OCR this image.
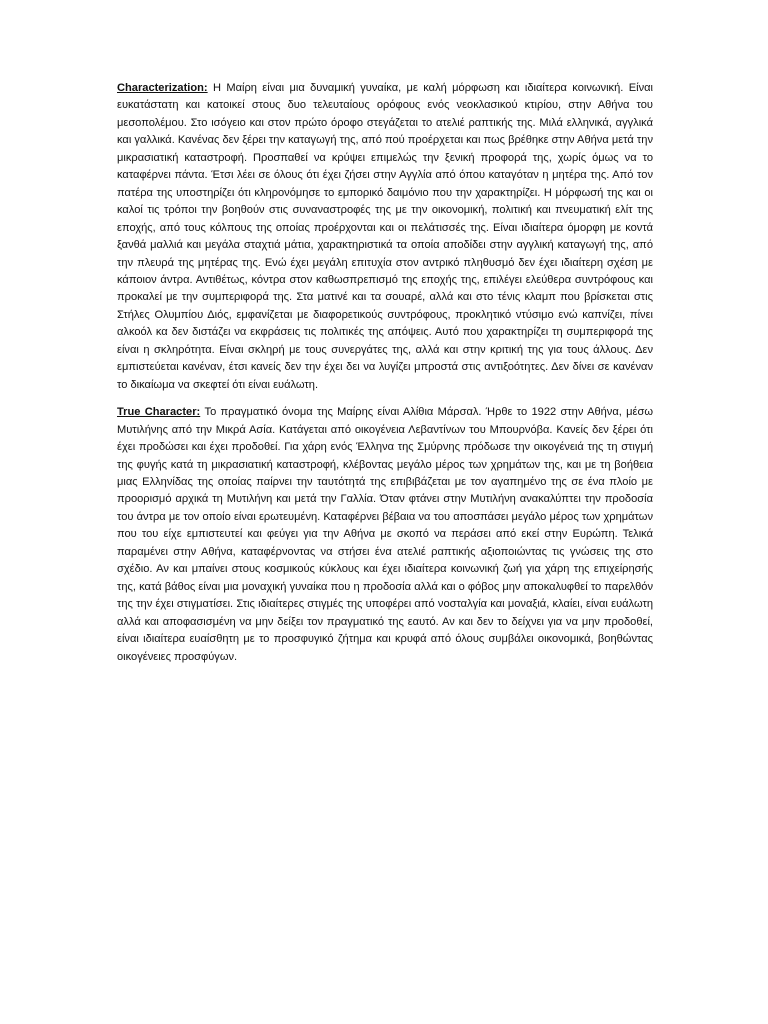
Characterization: Η Μαίρη είναι μια δυναμική γυναίκα, με καλή μόρφωση και ιδιαίτερα κοινωνική. Είναι ευκατάστατη και κατοικεί στους δυο τελευταίους ορόφους ενός νεοκλασικού κτιρίου, στην Αθήνα του μεσοπολέμου. Στο ισόγειο και στον πρώτο όροφο στεγάζεται το ατελιέ ραπτικής της. Μιλά ελληνικά, αγγλικά και γαλλικά. Κανένας δεν ξέρει την καταγωγή της, από πού προέρχεται και πως βρέθηκε στην Αθήνα μετά την μικρασιατική καταστροφή. Προσπαθεί να κρύψει επιμελώς την ξενική προφορά της, χωρίς όμως να το καταφέρνει πάντα. Έτσι λέει σε όλους ότι έχει ζήσει στην Αγγλία από όπου καταγόταν η μητέρα της. Από τον πατέρα της υποστηρίζει ότι κληρονόμησε το εμπορικό δαιμόνιο που την χαρακτηρίζει. Η μόρφωσή της και οι καλοί τις τρόποι την βοηθούν στις συναναστροφές της με την οικονομική, πολιτική και πνευματική ελίτ της εποχής, από τους κόλπους της οποίας προέρχονται και οι πελάτισσές της. Είναι ιδιαίτερα όμορφη με κοντά ξανθά μαλλιά και μεγάλα σταχτιά μάτια, χαρακτηριστικά τα οποία αποδίδει στην αγγλική καταγωγή της, από την πλευρά της μητέρας της. Ενώ έχει μεγάλη επιτυχία στον αντρικό πληθυσμό δεν έχει ιδιαίτερη σχέση με κάποιον άντρα. Αντιθέτως, κόντρα στον καθωσπρεπισμό της εποχής της, επιλέγει ελεύθερα συντρόφους και προκαλεί με την συμπεριφορά της. Στα ματινέ και τα σουαρέ, αλλά και στο τένις κλαμπ που βρίσκεται στις Στήλες Ολυμπίου Διός, εμφανίζεται με διαφορετικούς συντρόφους, προκλητικό ντύσιμο ενώ καπνίζει, πίνει αλκοόλ κα δεν διστάζει να εκφράσεις τις πολιτικές της απόψεις. Αυτό που χαρακτηρίζει τη συμπεριφορά της είναι η σκληρότητα. Είναι σκληρή με τους συνεργάτες της, αλλά και στην κριτική της για τους άλλους. Δεν εμπιστεύεται κανέναν, έτσι κανείς δεν την έχει δει να λυγίζει μπροστά στις αντιξοότητες. Δεν δίνει σε κανέναν το δικαίωμα να σκεφτεί ότι είναι ευάλωτη.

True Character: Το πραγματικό όνομα της Μαίρης είναι Αλίθια Μάρσαλ. Ήρθε το 1922 στην Αθήνα, μέσω Μυτιλήνης από την Μικρά Ασία. Κατάγεται από οικογένεια Λεβαντίνων του Μπουρνόβα. Κανείς δεν ξέρει ότι έχει προδώσει και έχει προδοθεί. Για χάρη ενός Έλληνα της Σμύρνης πρόδωσε την οικογένειά της τη στιγμή της φυγής κατά τη μικρασιατική καταστροφή, κλέβοντας μεγάλο μέρος των χρημάτων της, και με τη βοήθεια μιας Ελληνίδας της οποίας παίρνει την ταυτότητά της επιβιβάζεται με τον αγαπημένο της σε ένα πλοίο με προορισμό αρχικά τη Μυτιλήνη και μετά την Γαλλία. Όταν φτάνει στην Μυτιλήνη ανακαλύπτει την προδοσία του άντρα με τον οποίο είναι ερωτευμένη. Καταφέρνει βέβαια να του αποσπάσει μεγάλο μέρος των χρημάτων που του είχε εμπιστευτεί και φεύγει για την Αθήνα με σκοπό να περάσει από εκεί στην Ευρώπη. Τελικά παραμένει στην Αθήνα, καταφέρνοντας να στήσει ένα ατελιέ ραπτικής αξιοποιώντας τις γνώσεις της στο σχέδιο. Αν και μπαίνει στους κοσμικούς κύκλους και έχει ιδιαίτερα κοινωνική ζωή για χάρη της επιχείρησής της, κατά βάθος είναι μια μοναχική γυναίκα που η προδοσία αλλά και ο φόβος μην αποκαλυφθεί το παρελθόν της την έχει στιγματίσει. Στις ιδιαίτερες στιγμές της υποφέρει από νοσταλγία και μοναξιά, κλαίει, είναι ευάλωτη αλλά και αποφασισμένη να μην δείξει τον πραγματικό της εαυτό. Αν και δεν το δείχνει για να μην προδοθεί, είναι ιδιαίτερα ευαίσθητη με το προσφυγικό ζήτημα και κρυφά από όλους συμβάλει οικονομικά, βοηθώντας οικογένειες προσφύγων.
